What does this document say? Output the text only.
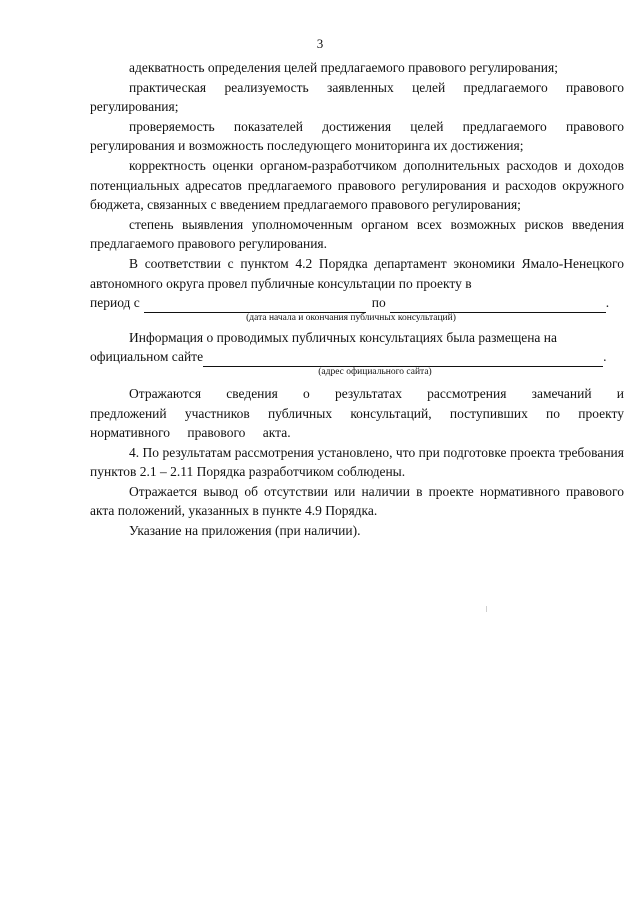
3

адекватность определения целей предлагаемого правового регулирования;

практическая реализуемость заявленных целей предлагаемого правового регулирования;

проверяемость показателей достижения целей предлагаемого правового регулирования и возможность последующего мониторинга их достижения;

корректность оценки органом-разработчиком дополнительных расходов и доходов потенциальных адресатов предлагаемого правового регулирования и расходов окружного бюджета, связанных с введением предлагаемого правового регулирования;

степень выявления уполномоченным органом всех возможных рисков введения предлагаемого правового регулирования.

В соответствии с пунктом 4.2 Порядка департамент экономики Ямало-Ненецкого автономного округа провел публичные консультации по проекту в

период с	по	.

(дата начала и окончания публичных консультаций)

Информация о проводимых публичных консультациях была размещена на

официальном сайте	.

(адрес официального сайта)

Отражаются сведения о результатах рассмотрения замечаний и предложений участников публичных консультаций, поступивших по проекту нормативного правового акта.

4. По результатам рассмотрения установлено, что при подготовке проекта требования пунктов 2.1 – 2.11 Порядка разработчиком соблюдены.

Отражается вывод об отсутствии или наличии в проекте нормативного правового акта положений, указанных в пункте 4.9 Порядка.

Указание на приложения (при наличии).
